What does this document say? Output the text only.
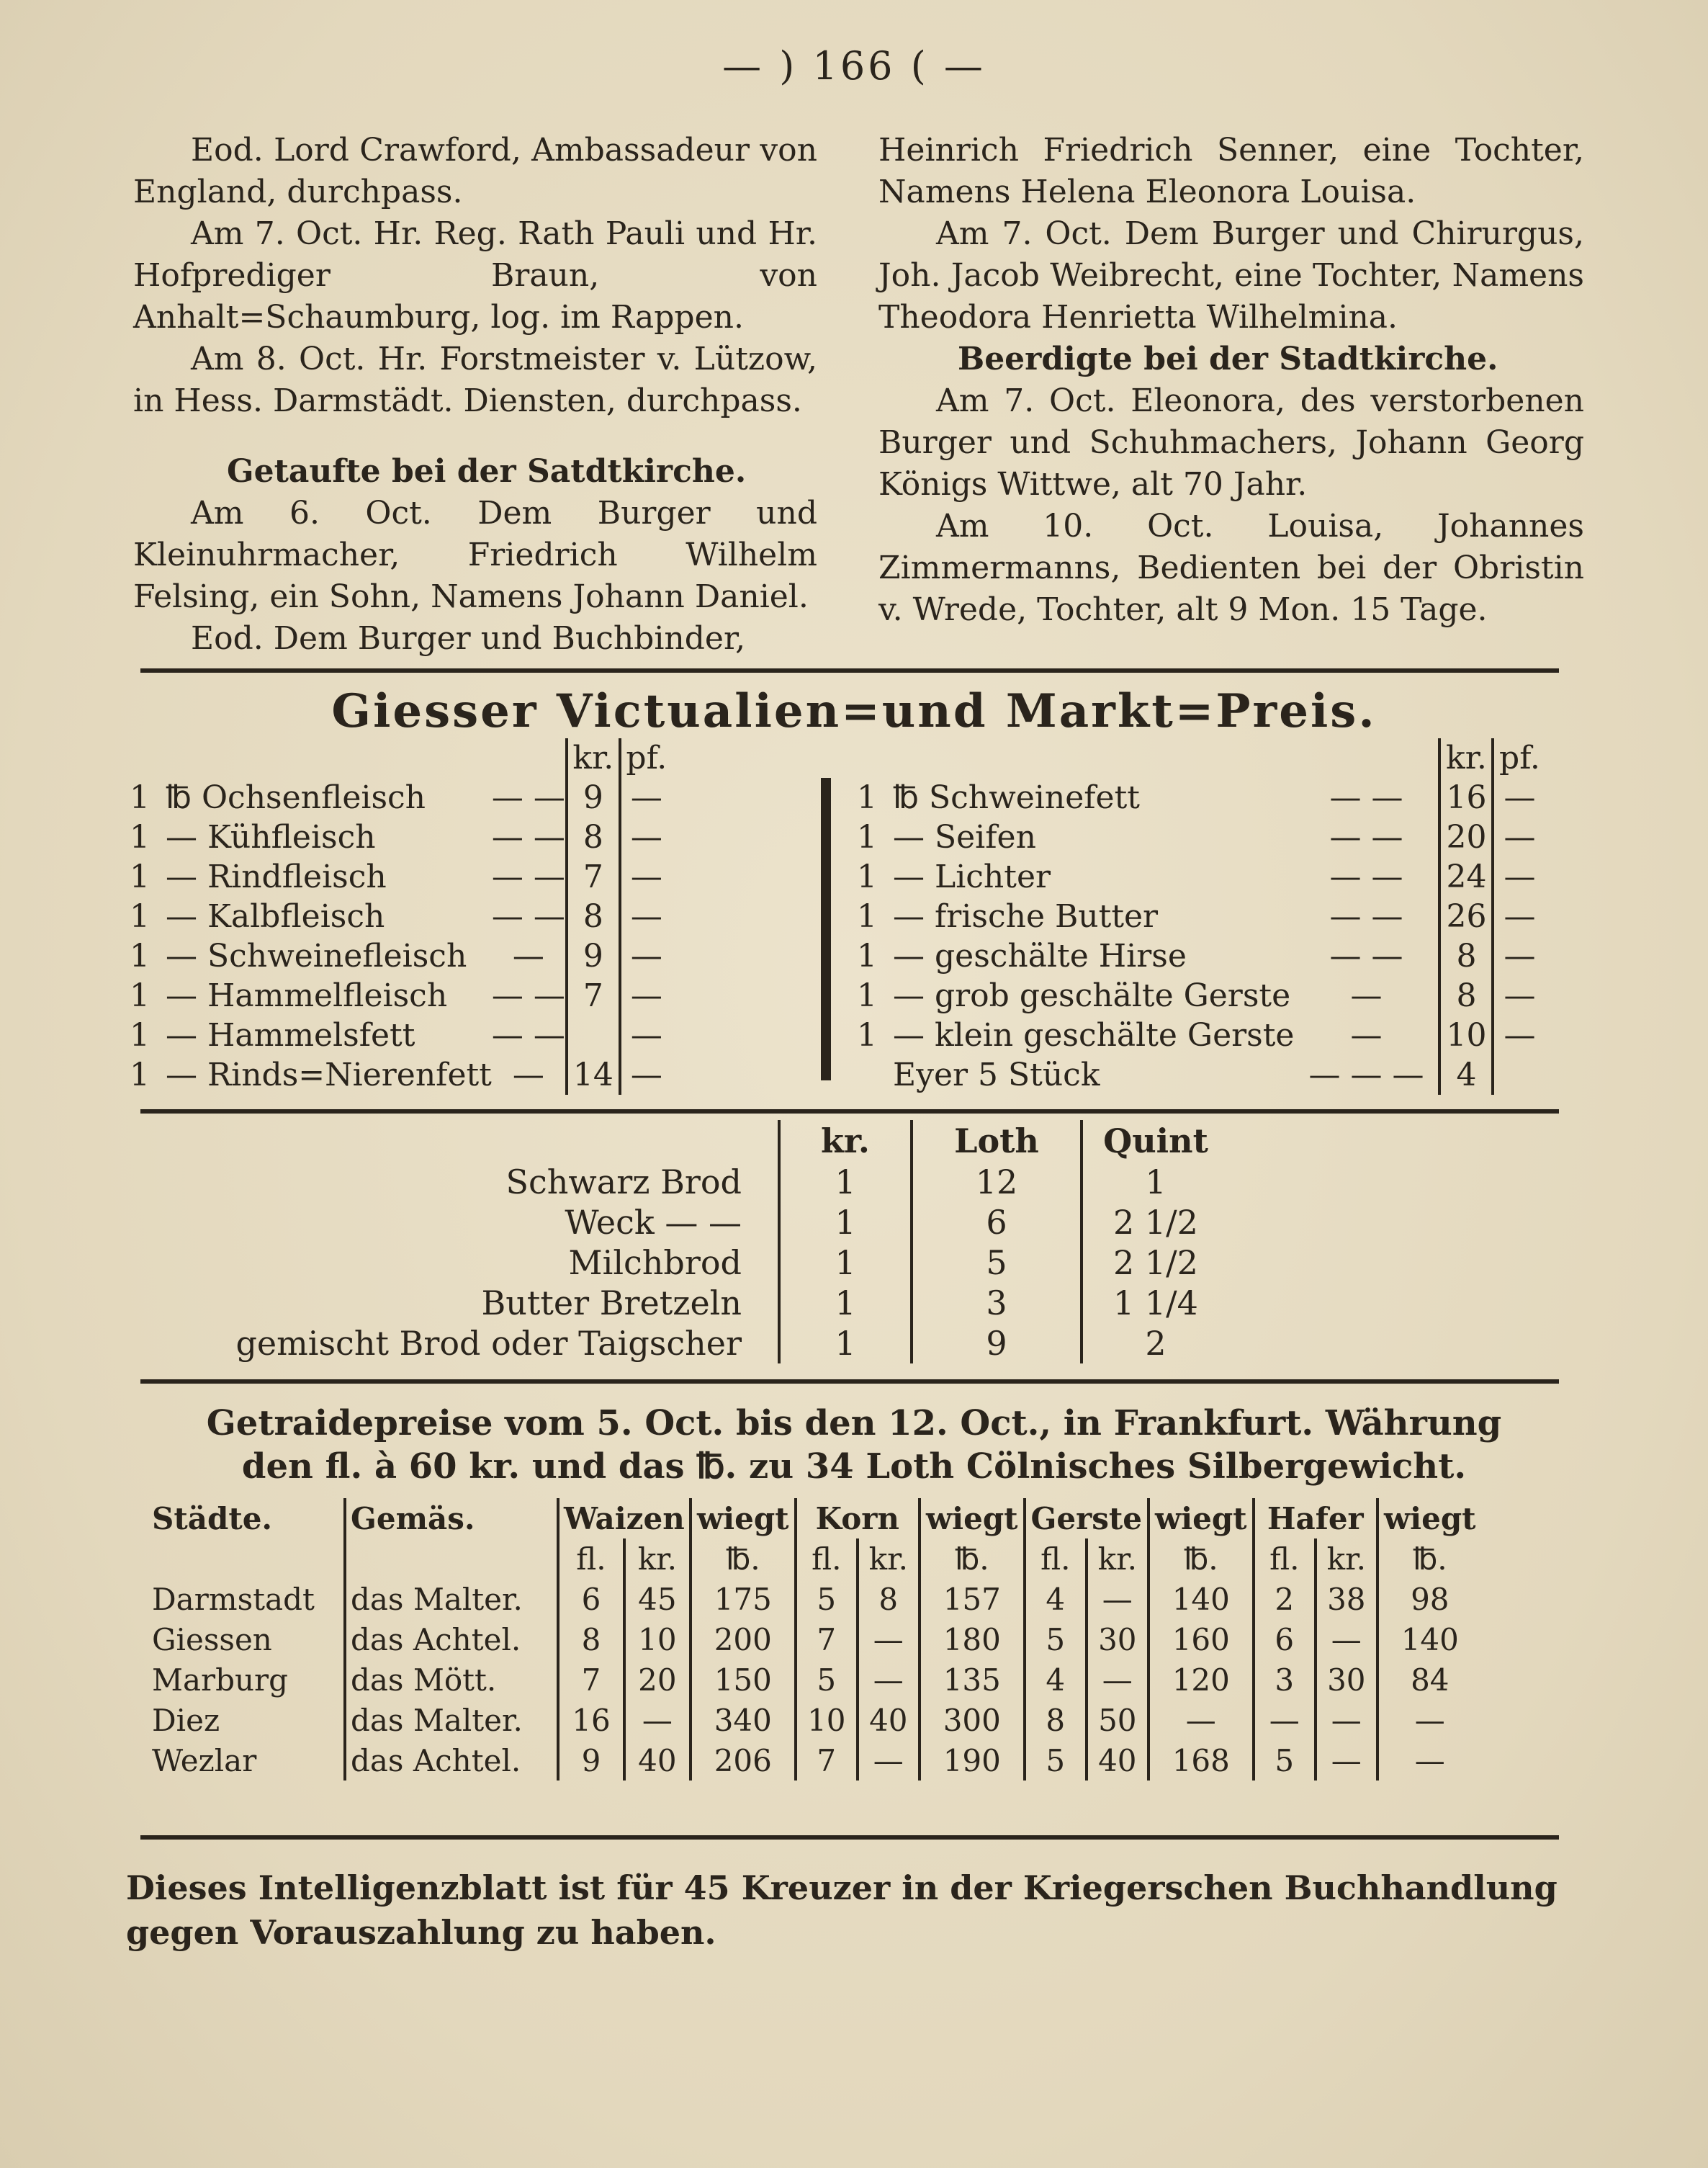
— ) 166 ( —

Eod. Lord Crawford, Ambassadeur von England, durchpass.

Am 7. Oct. Hr. Reg. Rath Pauli und Hr. Hofprediger Braun, von Anhalt=Schaumburg, log. im Rappen.

Am 8. Oct. Hr. Forstmeister v. Lützow, in Hess. Darmstädt. Diensten, durchpass.

Getaufte bei der Satdtkirche.

Am 6. Oct. Dem Burger und Kleinuhrmacher, Friedrich Wilhelm Felsing, ein Sohn, Namens Johann Daniel.

Eod. Dem Burger und Buchbinder,

Heinrich Friedrich Senner, eine Tochter, Namens Helena Eleonora Louisa.

Am 7. Oct. Dem Burger und Chirurgus, Joh. Jacob Weibrecht, eine Tochter, Namens Theodora Henrietta Wilhelmina.

Beerdigte bei der Stadtkirche.

Am 7. Oct. Eleonora, des verstorbenen Burger und Schuhmachers, Johann Georg Königs Wittwe, alt 70 Jahr.

Am 10. Oct. Louisa, Johannes Zimmermanns, Bedienten bei der Obristin v. Wrede, Tochter, alt 9 Mon. 15 Tage.

Giesser Victualien=und Markt=Preis.
			kr.	pf.
1	℔ Ochsenfleisch	— —	9	—
1	— Kühfleisch	— —	8	—
1	— Rindfleisch	— —	7	—
1	— Kalbfleisch	— —	8	—
1	— Schweinefleisch	—	9	—
1	— Hammelfleisch	— —	7	—
1	— Hammelsfett	— —		—
1	— Rinds=Nierenfett	—	14	—
			kr.	pf.
1	℔ Schweinefett	— —	16	—
1	— Seifen	— —	20	—
1	— Lichter	— —	24	—
1	— frische Butter	— —	26	—
1	— geschälte Hirse	— —	8	—
1	— grob geschälte Gerste	—	8	—
1	— klein geschälte Gerste	—	10	—
	Eyer 5 Stück	— — —	4	
	kr.	Loth	Quint
Schwarz Brod	1	12	1
Weck — —	1	6	2 1/2
Milchbrod	1	5	2 1/2
Butter Bretzeln	1	3	1 1/4
gemischt Brod oder Taigscher	1	9	2
Getraidepreise vom 5. Oct. bis den 12. Oct., in Frankfurt. Währung
den fl. à 60 kr. und das ℔. zu 34 Loth Cölnisches Silbergewicht.
Städte.	Gemäs.	Waizen		wiegt	Korn		wiegt	Gerste		wiegt	Hafer		wiegt
		fl.	kr.	℔.	fl.	kr.	℔.	fl.	kr.	℔.	fl.	kr.	℔.
Darmstadt	das Malter.	6	45	175	5	8	157	4	—	140	2	38	98
Giessen	das Achtel.	8	10	200	7	—	180	5	30	160	6	—	140
Marburg	das Mött.	7	20	150	5	—	135	4	—	120	3	30	84
Diez	das Malter.	16	—	340	10	40	300	8	50	—	—	—	—
Wezlar	das Achtel.	9	40	206	7	—	190	5	40	168	5	—	—
Dieses Intelligenzblatt ist für 45 Kreuzer in der Kriegerschen Buchhandlung gegen Vorauszahlung zu haben.
